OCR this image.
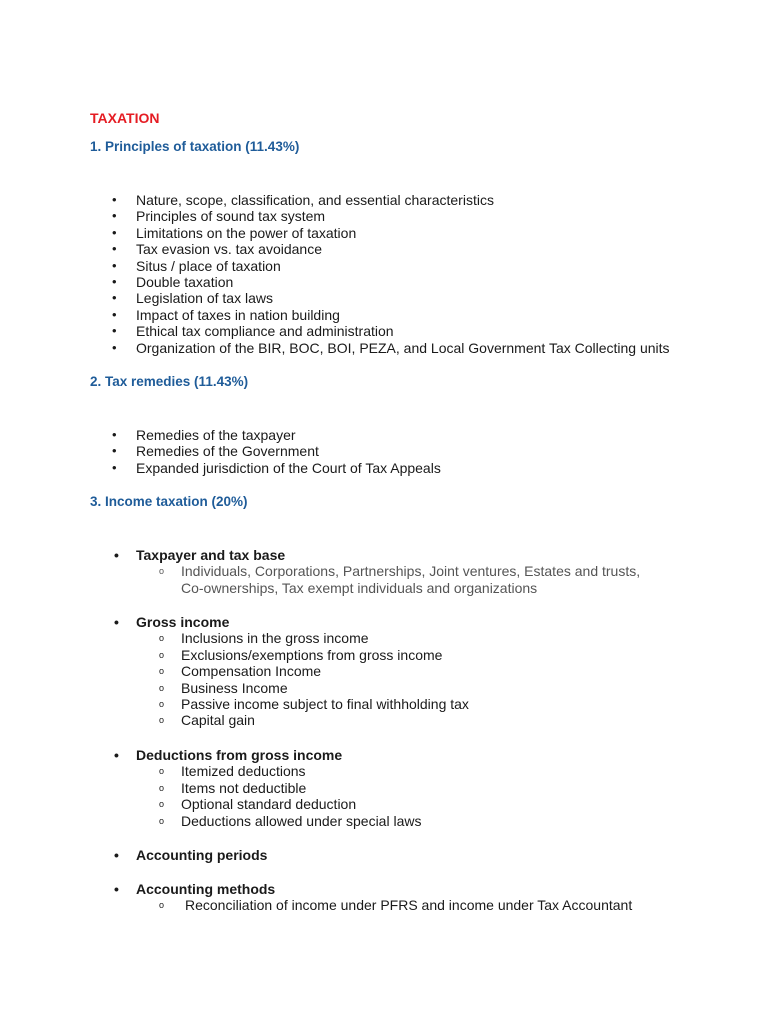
TAXATION
1. Principles of taxation (11.43%)
• Nature, scope, classification, and essential characteristics
• Principles of sound tax system
• Limitations on the power of taxation
• Tax evasion vs. tax avoidance
• Situs / place of taxation
• Double taxation
• Legislation of tax laws
• Impact of taxes in nation building
• Ethical tax compliance and administration
• Organization of the BIR, BOC, BOI, PEZA, and Local Government Tax Collecting units
2. Tax remedies (11.43%)
• Remedies of the taxpayer
• Remedies of the Government
• Expanded jurisdiction of the Court of Tax Appeals
3. Income taxation (20%)
• Taxpayer and tax base
o Individuals, Corporations, Partnerships, Joint ventures, Estates and trusts, Co-ownerships, Tax exempt individuals and organizations
• Gross income
o Inclusions in the gross income
o Exclusions/exemptions from gross income
o Compensation Income
o Business Income
o Passive income subject to final withholding tax
o Capital gain
• Deductions from gross income
o Itemized deductions
o Items not deductible
o Optional standard deduction
o Deductions allowed under special laws
• Accounting periods
• Accounting methods
o Reconciliation of income under PFRS and income under Tax Accountant
